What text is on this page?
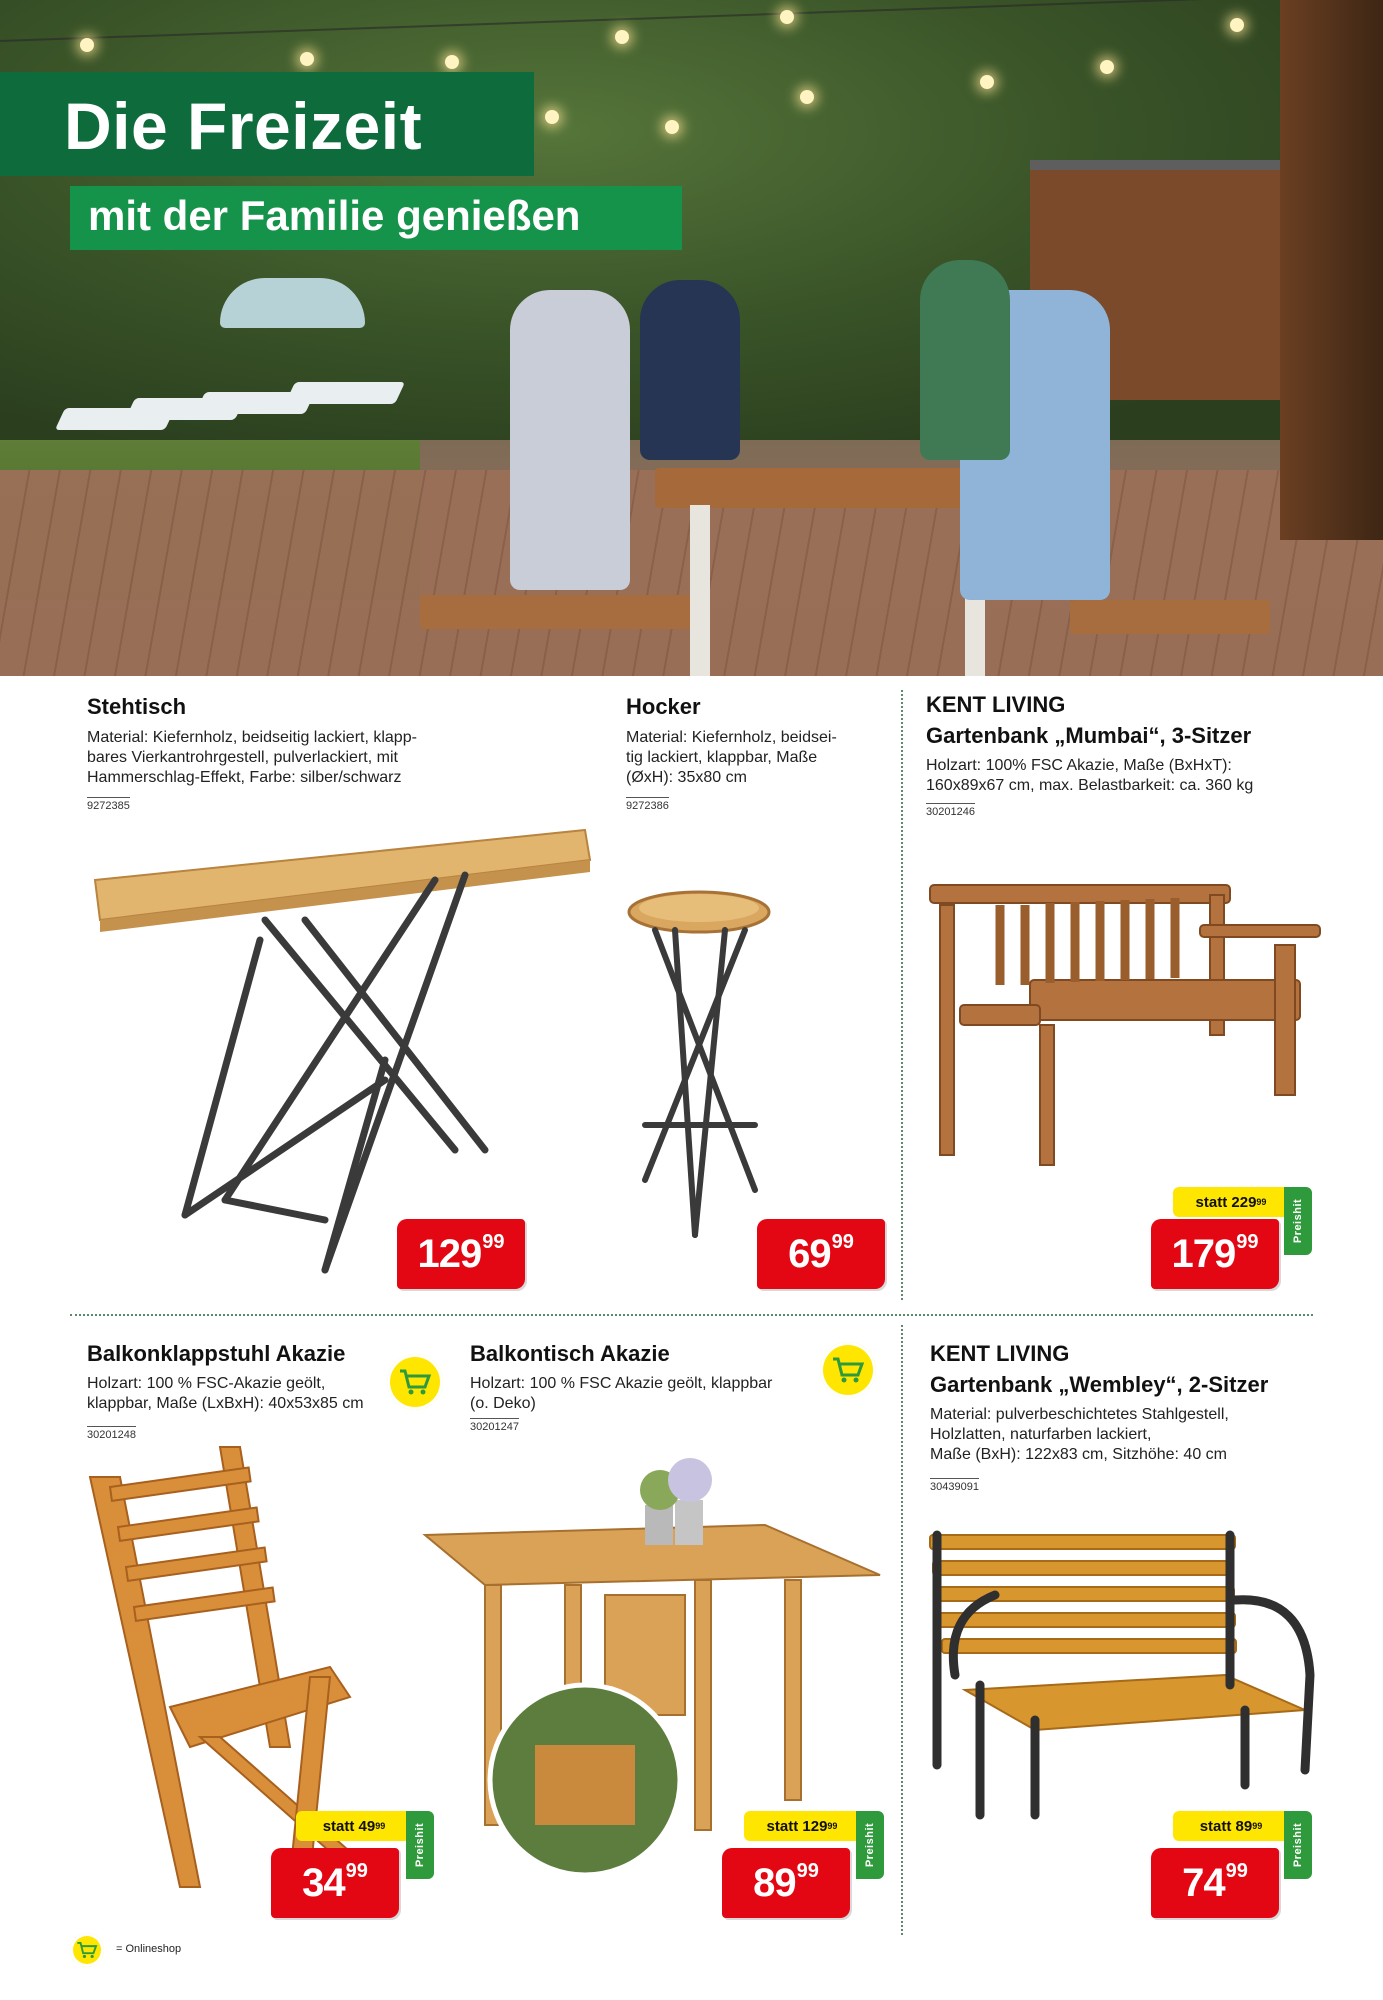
Die Freizeit
mit der Familie genießen
Stehtisch
Material: Kiefernholz, beidseitig lackiert, klapp-
bares Vierkantrohrgestell, pulverlackiert, mit
Hammerschlag-Effekt, Farbe: silber/schwarz
9272385
129 99
Hocker
Material: Kiefernholz, beidsei-
tig lackiert, klappbar, Maße
(ØxH): 35x80 cm
9272386
69 99
KENT LIVING
Gartenbank „Mumbai“, 3-Sitzer
Holzart: 100% FSC Akazie, Maße (BxHxT):
160x89x67 cm, max. Belastbarkeit: ca. 360 kg
30201246
statt 229 99 Preishit
179 99
Balkonklappstuhl Akazie
Holzart: 100 % FSC-Akazie geölt,
klappbar, Maße (LxBxH): 40x53x85 cm
30201248
statt 49 99	Preishit
34 99
Balkontisch Akazie
Holzart: 100 % FSC Akazie geölt, klappbar
(o. Deko)
30201247
statt 129 99 Preishit
89 99
KENT LIVING
Gartenbank „Wembley“, 2-Sitzer
Material: pulverbeschichtetes Stahlgestell,
Holzlatten, naturfarben lackiert,
Maße (BxH): 122x83 cm, Sitzhöhe: 40 cm
30439091
statt 89 99	Preishit
74 99
= Onlineshop
